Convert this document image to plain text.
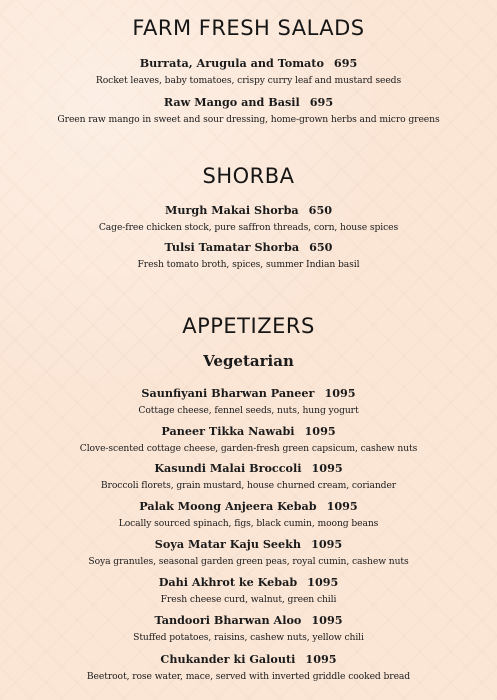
FARM FRESH SALADS
Burrata, Arugula and Tomato 695
Rocket leaves, baby tomatoes, crispy curry leaf and mustard seeds
Raw Mango and Basil 695
Green raw mango in sweet and sour dressing, home-grown herbs and micro greens
SHORBA
Murgh Makai Shorba 650
Cage-free chicken stock, pure saffron threads, corn, house spices
Tulsi Tamatar Shorba 650
Fresh tomato broth, spices, summer Indian basil
APPETIZERS
Vegetarian
Saunfiyani Bharwan Paneer 1095
Cottage cheese, fennel seeds, nuts, hung yogurt
Paneer Tikka Nawabi 1095
Clove-scented cottage cheese, garden-fresh green capsicum, cashew nuts
Kasundi Malai Broccoli 1095
Broccoli florets, grain mustard, house churned cream, coriander
Palak Moong Anjeera Kebab 1095
Locally sourced spinach, figs, black cumin, moong beans
Soya Matar Kaju Seekh 1095
Soya granules, seasonal garden green peas, royal cumin, cashew nuts
Dahi Akhrot ke Kebab 1095
Fresh cheese curd, walnut, green chili
Tandoori Bharwan Aloo 1095
Stuffed potatoes, raisins, cashew nuts, yellow chili
Chukander ki Galouti 1095
Beetroot, rose water, mace, served with inverted griddle cooked bread
